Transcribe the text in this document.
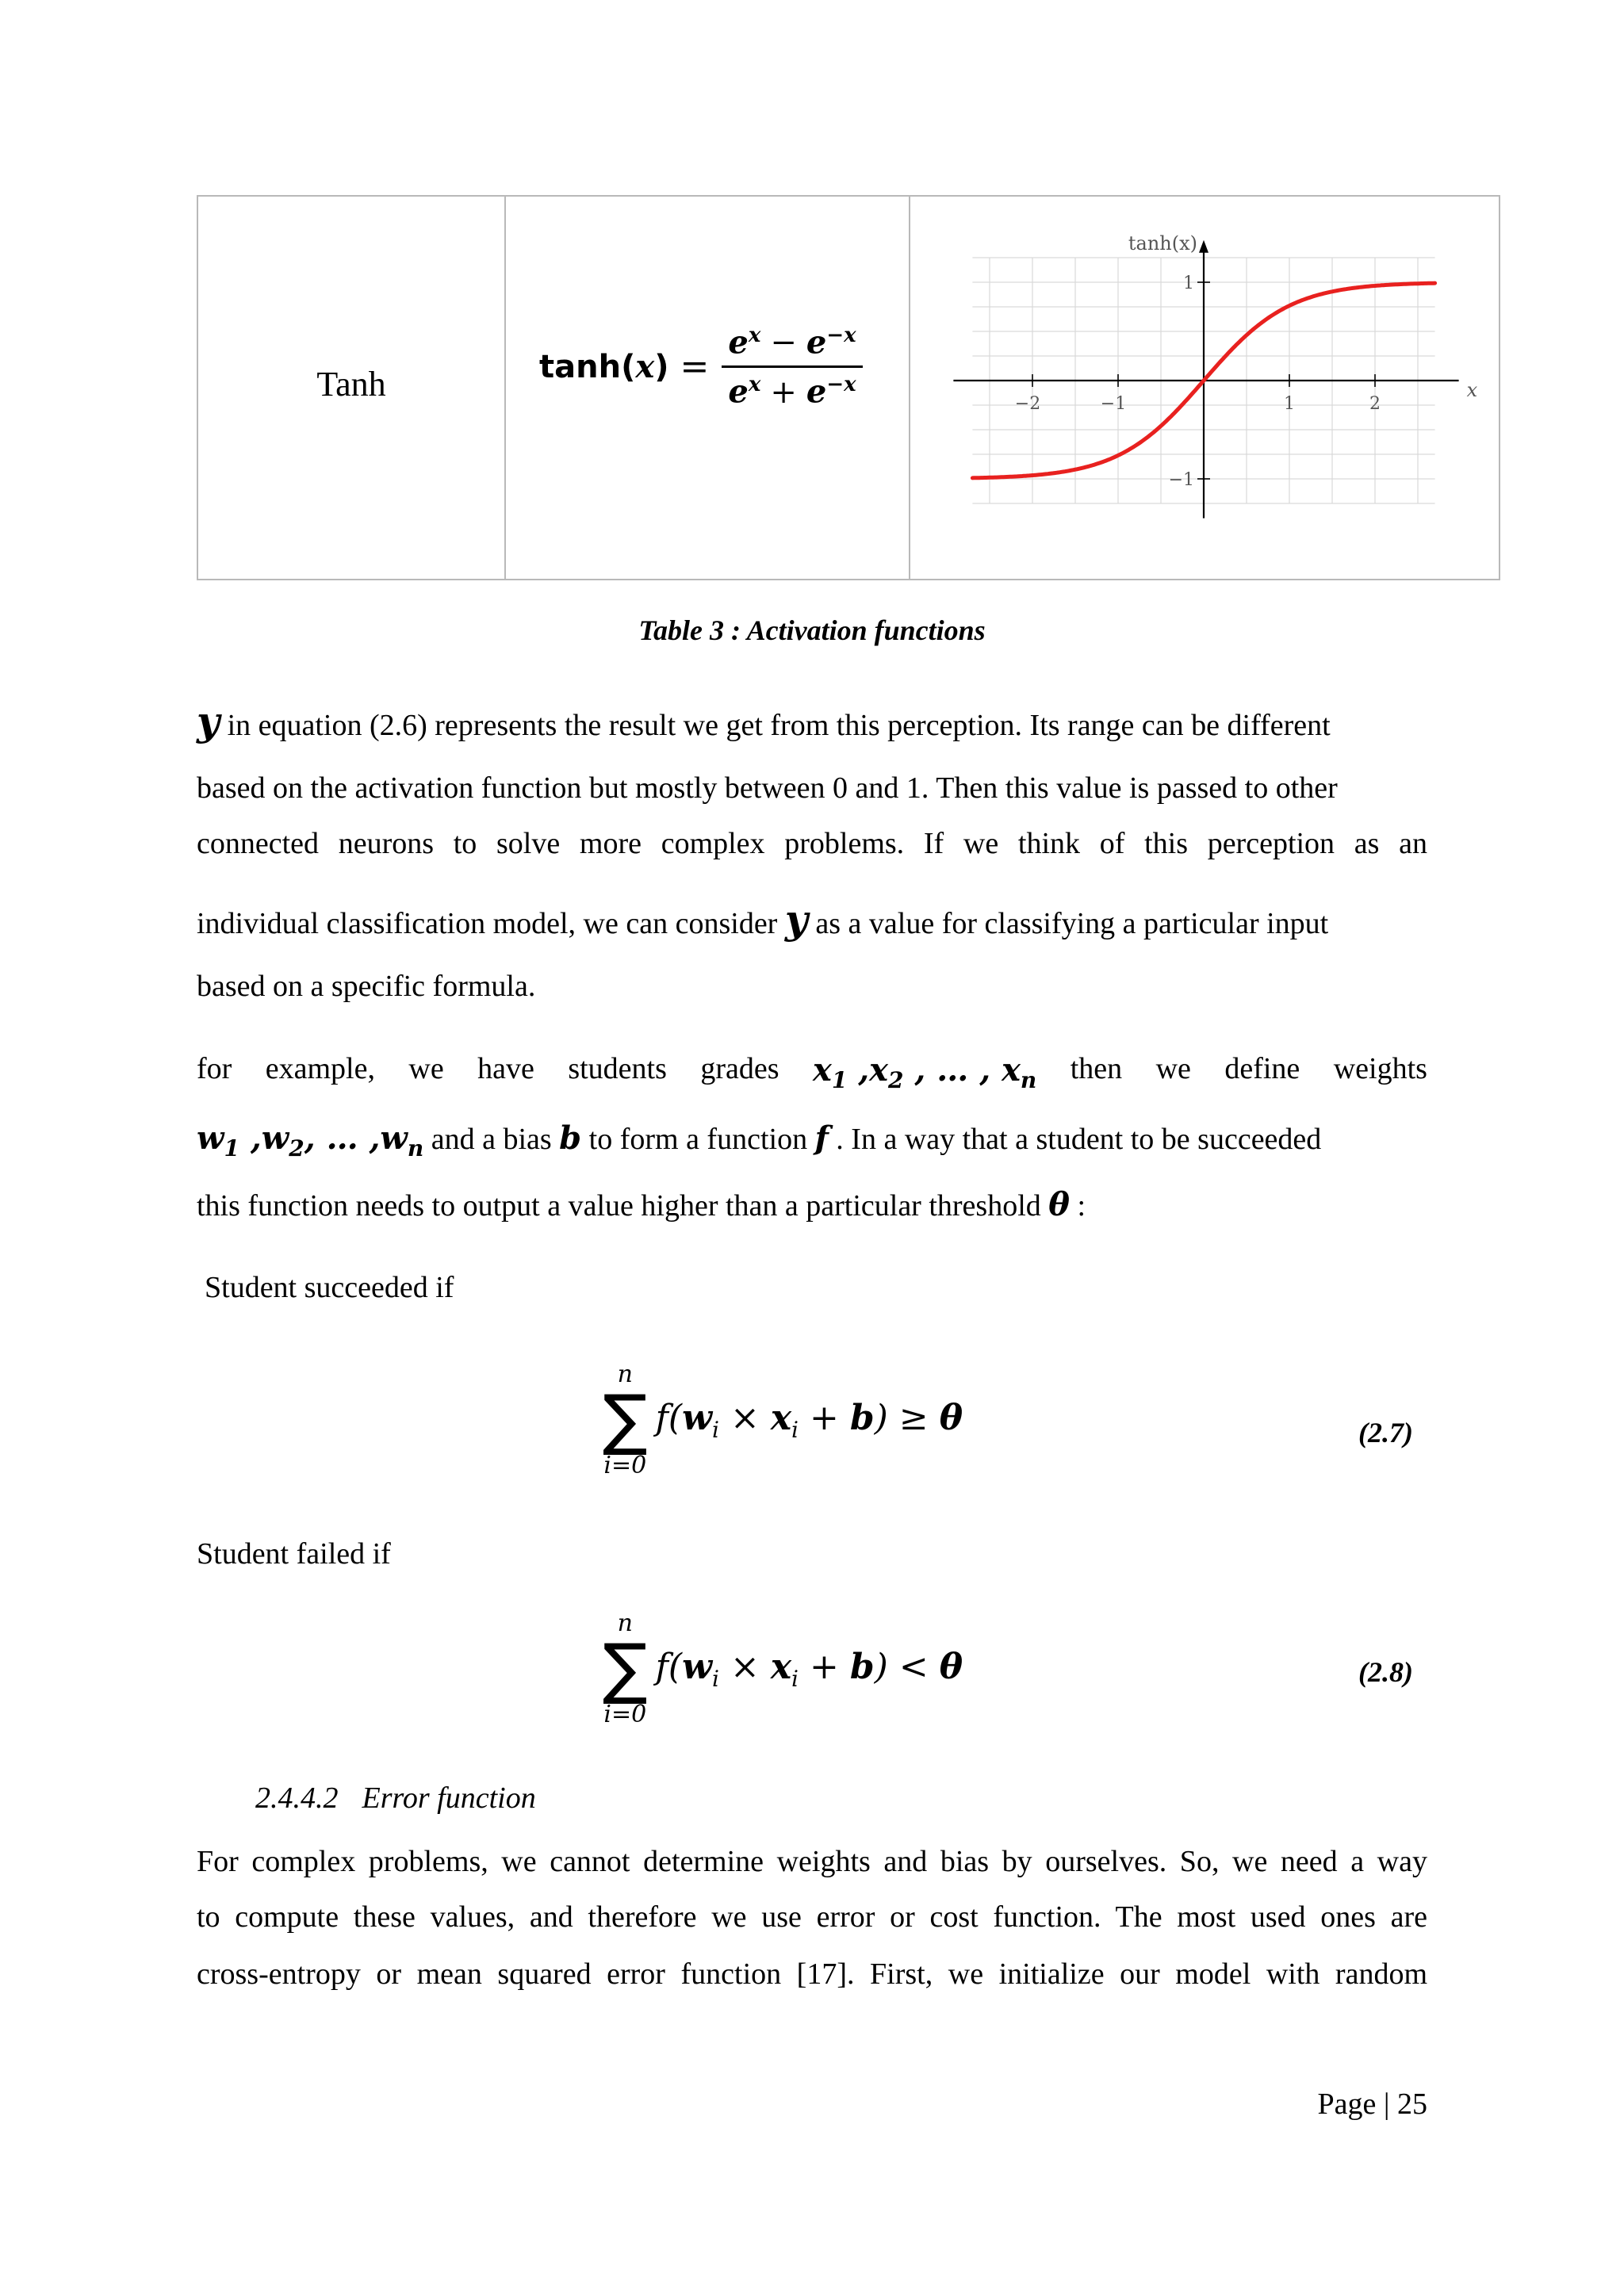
Tanh	$\tanh(x) = \frac{e^x - e^{-x}}{e^x + e^{-x}}$	−2	−1	1	2
1
−1
tanh(x)
x
Table 3 : Activation functions
y in equation (2.6) represents the result we get from this perception. Its range can be different
based on the activation function but mostly between 0 and 1. Then this value is passed to other
connected neurons to solve more complex problems. If we think of this perception as an
individual classification model, we can consider y as a value for classifying a particular input
based on a specific formula.
for example, we have students grades $x_1$ $,x_2$ , … , $x_n$ then we define weights
$w_1$ $,w_2$, … $,w_n$ and a bias b to form a function f . In a way that a student to be succeeded
this function needs to output a value higher than a particular threshold θ :
Student succeeded if
n
∑
i=0
$f(w_i \times x_i + b) \ge \theta$	(2.7)
Student failed if
n
∑
i=0
$f(w_i \times x_i + b) < \theta$	(2.8)
2.4.4.2 Error function
For complex problems, we cannot determine weights and bias by ourselves. So, we need a way
to compute these values, and therefore we use error or cost function. The most used ones are
cross-entropy or mean squared error function [17]. First, we initialize our model with random
Page | 25
